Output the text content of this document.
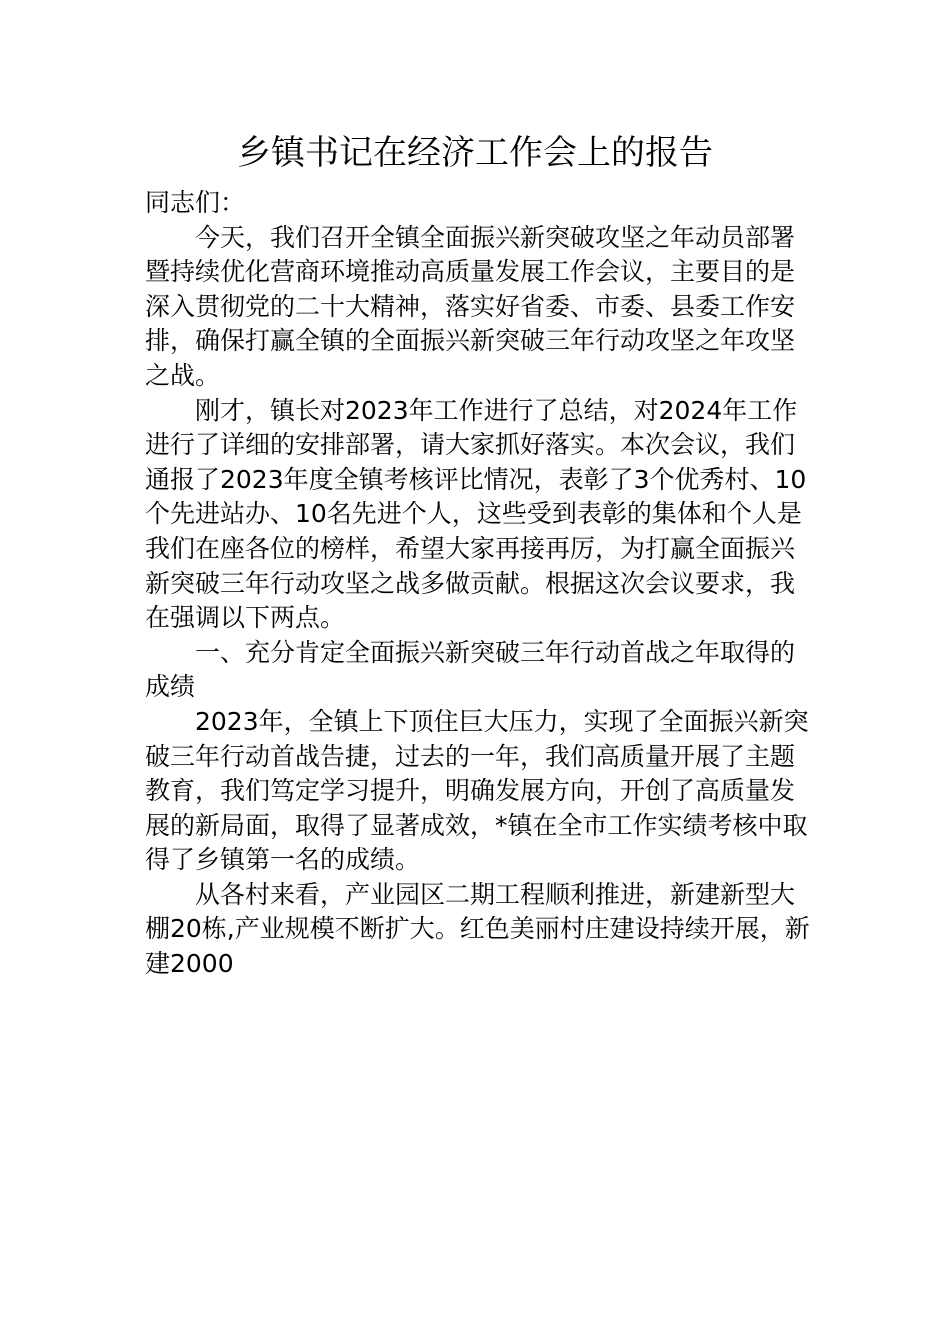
乡镇书记在经济工作会上的报告

同志们：

今天，我们召开全镇全面振兴新突破攻坚之年动员部署暨持续优化营商环境推动高质量发展工作会议，主要目的是深入贯彻党的二十大精神，落实好省委、市委、县委工作安排，确保打赢全镇的全面振兴新突破三年行动攻坚之年攻坚之战。

刚才，镇长对2023年工作进行了总结，对2024年工作进行了详细的安排部署，请大家抓好落实。本次会议，我们通报了2023年度全镇考核评比情况，表彰了3个优秀村、10个先进站办、10名先进个人，这些受到表彰的集体和个人是我们在座各位的榜样，希望大家再接再厉，为打赢全面振兴新突破三年行动攻坚之战多做贡献。根据这次会议要求，我在强调以下两点。

一、充分肯定全面振兴新突破三年行动首战之年取得的成绩

2023年，全镇上下顶住巨大压力，实现了全面振兴新突破三年行动首战告捷，过去的一年，我们高质量开展了主题教育，我们笃定学习提升，明确发展方向，开创了高质量发展的新局面，取得了显著成效，*镇在全市工作实绩考核中取得了乡镇第一名的成绩。

从各村来看，产业园区二期工程顺利推进，新建新型大棚20栋,产业规模不断扩大。红色美丽村庄建设持续开展，新建2000
